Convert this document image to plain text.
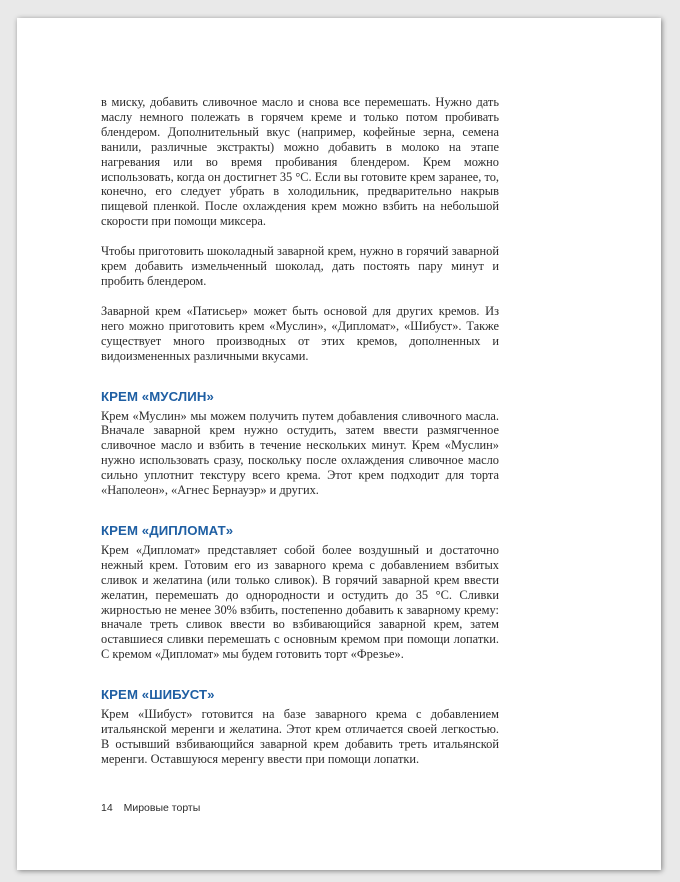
в миску, добавить сливочное масло и снова все перемешать. Нужно дать маслу немного полежать в горячем креме и только потом пробивать блендером. Дополнительный вкус (например, кофейные зерна, семена ванили, различные экстракты) можно добавить в молоко на этапе нагревания или во время пробивания блендером. Крем можно использовать, когда он достигнет 35 °С. Если вы готовите крем заранее, то, конечно, его следует убрать в холодильник, предварительно накрыв пищевой пленкой. После охлаждения крем можно взбить на небольшой скорости при помощи миксера.

Чтобы приготовить шоколадный заварной крем, нужно в горячий заварной крем добавить измельченный шоколад, дать постоять пару минут и пробить блендером.

Заварной крем «Патисьер» может быть основой для других кремов. Из него можно приготовить крем «Муслин», «Дипломат», «Шибуст». Также существует много производных от этих кремов, дополненных и видоизмененных различными вкусами.

КРЕМ «МУСЛИН»

Крем «Муслин» мы можем получить путем добавления сливочного масла. Вначале заварной крем нужно остудить, затем ввести размягченное сливочное масло и взбить в течение нескольких минут. Крем «Муслин» нужно использовать сразу, поскольку после охлаждения сливочное масло сильно уплотнит текстуру всего крема. Этот крем подходит для торта «Наполеон», «Агнес Бернауэр» и других.

КРЕМ «ДИПЛОМАТ»

Крем «Дипломат» представляет собой более воздушный и достаточно нежный крем. Готовим его из заварного крема с добавлением взбитых сливок и желатина (или только сливок). В горячий заварной крем ввести желатин, перемешать до однородности и остудить до 35 °С. Сливки жирностью не менее 30% взбить, постепенно добавить к заварному крему: вначале треть сливок ввести во взбивающийся заварной крем, затем оставшиеся сливки перемешать с основным кремом при помощи лопатки. С кремом «Дипломат» мы будем готовить торт «Фрезье».

КРЕМ «ШИБУСТ»

Крем «Шибуст» готовится на базе заварного крема с добавлением итальянской меренги и желатина. Этот крем отличается своей легкостью. В остывший взбивающийся заварной крем добавить треть итальянской меренги. Оставшуюся меренгу ввести при помощи лопатки.

14 Мировые торты
